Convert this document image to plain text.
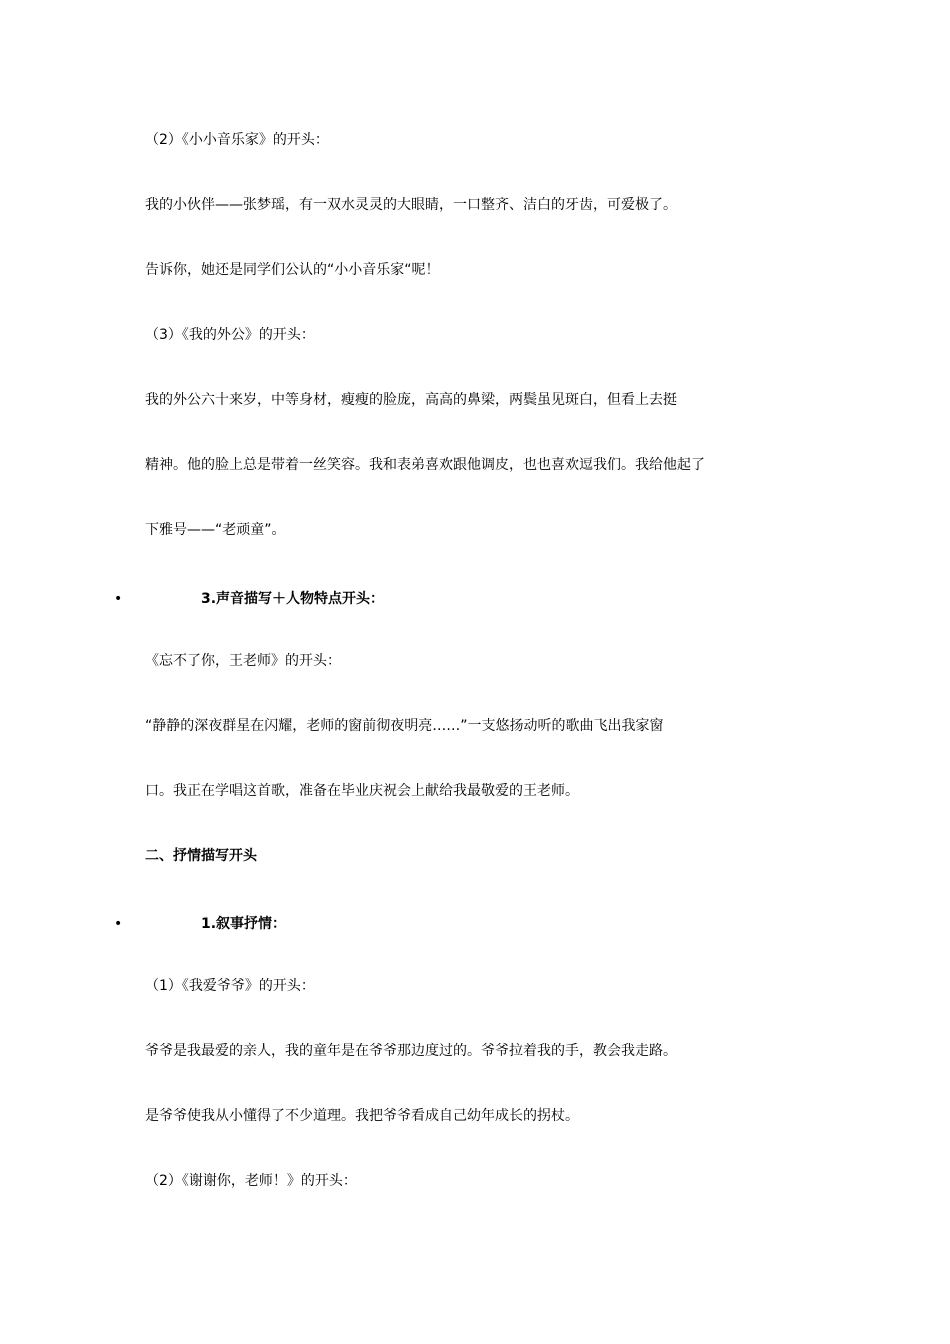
（2）《小小音乐家》的开头：
我的小伙伴——张梦瑶，有一双水灵灵的大眼睛，一口整齐、洁白的牙齿，可爱极了。
告诉你，她还是同学们公认的“小小音乐家“呢！
（3）《我的外公》的开头：
我的外公六十来岁，中等身材，瘦瘦的脸庞，高高的鼻梁，两鬓虽见斑白，但看上去挺
精神。他的脸上总是带着一丝笑容。我和表弟喜欢跟他调皮，也也喜欢逗我们。我给他起了
下雅号——“老顽童”。
•	3.声音描写＋人物特点开头：
《忘不了你，王老师》的开头：
“静静的深夜群星在闪耀，老师的窗前彻夜明亮……”一支悠扬动听的歌曲飞出我家窗
口。我正在学唱这首歌，准备在毕业庆祝会上献给我最敬爱的王老师。
二、抒情描写开头
•	1.叙事抒情：
（1）《我爱爷爷》的开头：
爷爷是我最爱的亲人，我的童年是在爷爷那边度过的。爷爷拉着我的手，教会我走路。
是爷爷使我从小懂得了不少道理。我把爷爷看成自己幼年成长的拐杖。
（2）《谢谢你，老师！》的开头：
